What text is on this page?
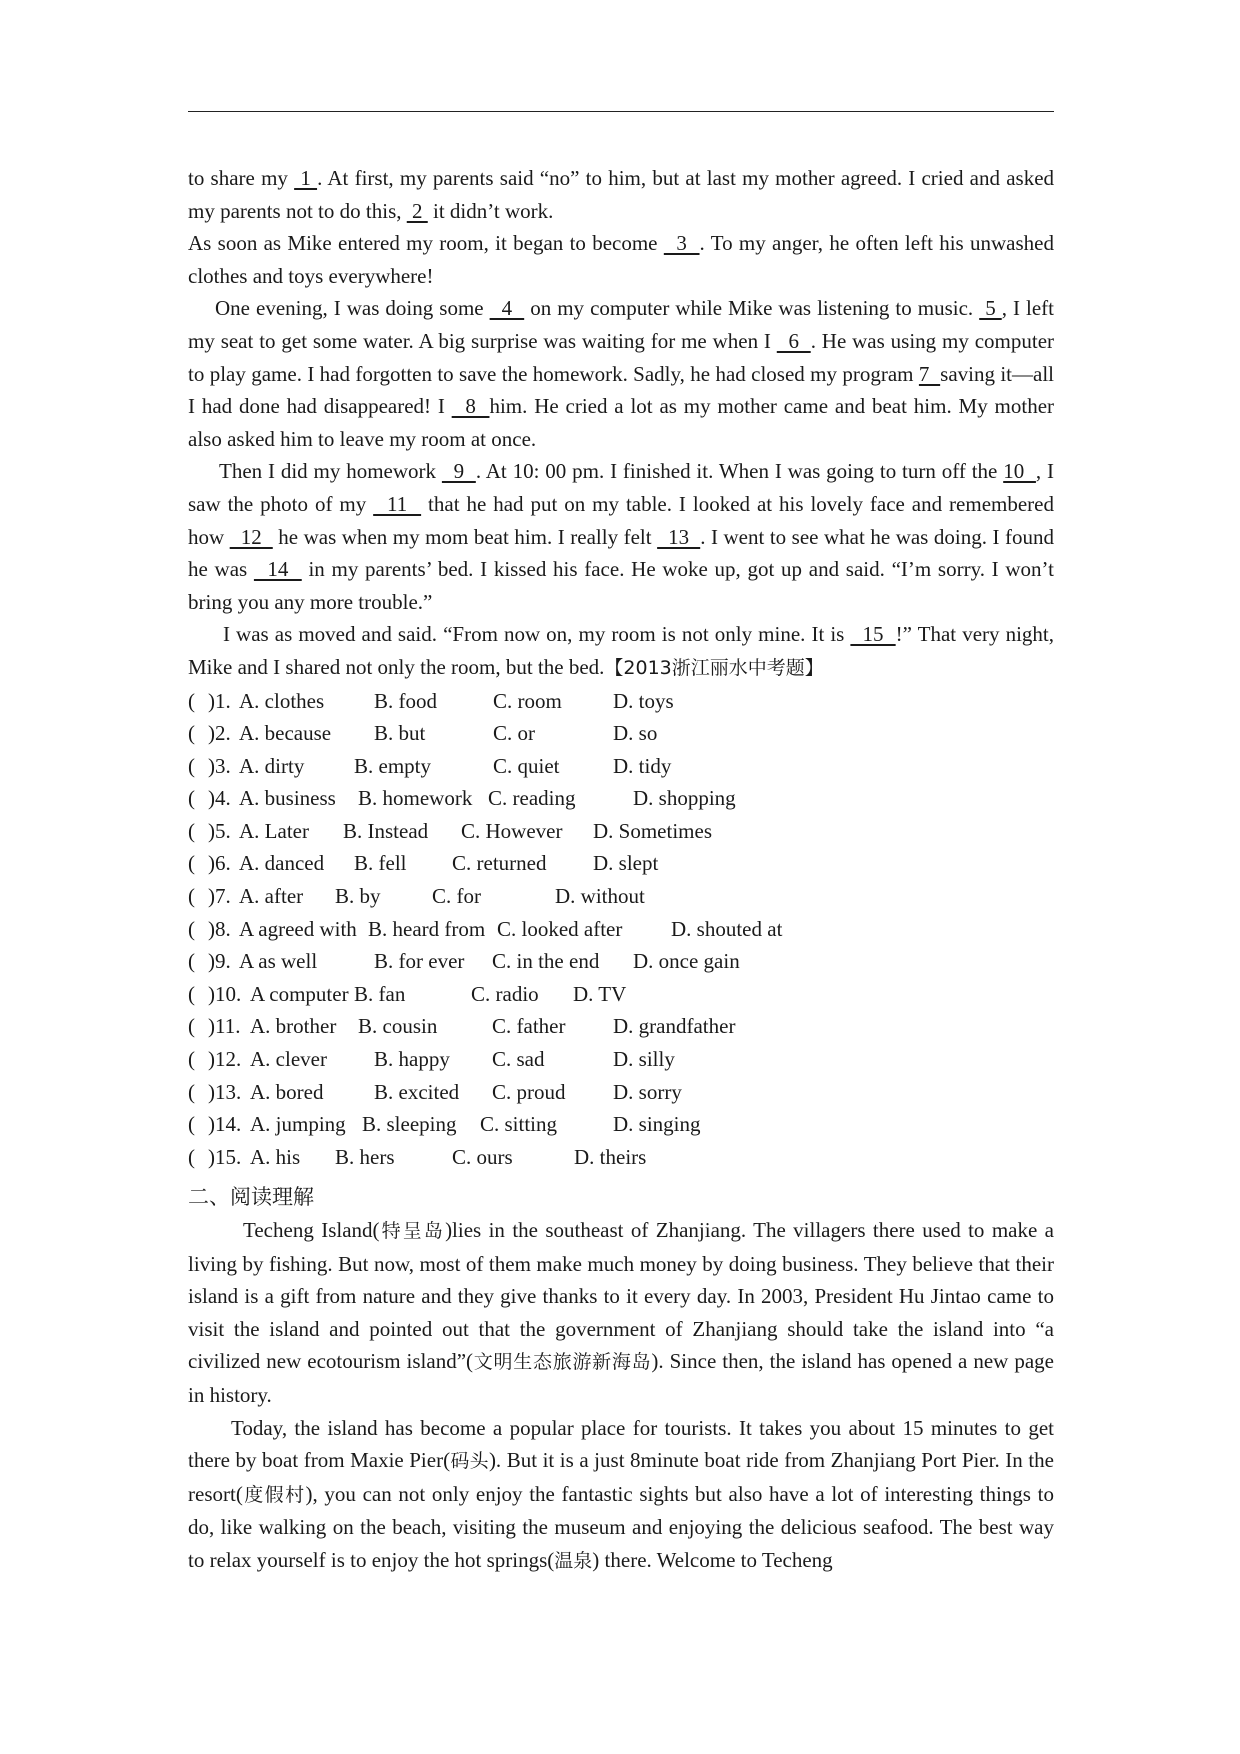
to share my  1 . At first, my parents said “no” to him, but at last my mother agreed. I cried and asked my parents not to do this,  2  it didn’t work.

As soon as Mike entered my room, it began to become   3  . To my anger, he often left his unwashed clothes and toys everywhere!

One evening, I was doing some   4   on my computer while Mike was listening to music.  5 , I left my seat to get some water. A big surprise was waiting for me when I   6  . He was using my computer to play game. I had forgotten to save the homework. Sadly, he had closed my program 7  saving it—all I had done had disappeared! I   8  him. He cried a lot as my mother came and beat him. My mother also asked him to leave my room at once.

Then I did my homework   9  . At 10: 00 pm. I finished it. When I was going to turn off the 10  , I saw the photo of my   11   that he had put on my table. I looked at his lovely face and remembered how   12   he was when my mom beat him. I really felt   13  . I went to see what he was doing. I found he was   14   in my parents’ bed. I kissed his face. He woke up, got up and said. “I’m sorry. I won’t bring you any more trouble.”

I was as moved and said. “From now on, my room is not only mine. It is   15  !” That very night, Mike and I shared not only the room, but the bed.【2013浙江丽水中考题】

( ) 1. A. clothes B. food	C. room D. toys
( ) 2. A. because B. but	C. or	D. so
( ) 3. A. dirty B. empty	C. quiet	D. tidy
( ) 4. A. business B. homework C. reading	D. shopping
( ) 5. A. Later B. Instead C. However D. Sometimes
( ) 6. A. danced B. fell C. returned D. slept
( ) 7. A. after B. by C. for	D. without
( ) 8. A agreed with B. heard from C. looked after D. shouted at
( ) 9. A as well	B. for ever C. in the end D. once gain
( ) 10. A computer B. fan	C. radio D. TV
( ) 11. A. brother B. cousin	C. father D. grandfather
( ) 12. A. clever B. happy C. sad	D. silly
( ) 13. A. bored B. excited C. proud D. sorry
( ) 14. A. jumping B. sleeping C. sitting	D. singing
( ) 15. A. his B. hers	C. ours	D. theirs
二、阅读理解

Techeng Island(特呈岛)lies in the southeast of Zhanjiang. The villagers there used to make a living by fishing. But now, most of them make much money by doing business. They believe that their island is a gift from nature and they give thanks to it every day. In 2003, President Hu Jintao came to visit the island and pointed out that the government of Zhanjiang should take the island into “a civilized new ecotourism island”(文明生态旅游新海岛). Since then, the island has opened a new page in history.

Today, the island has become a popular place for tourists. It takes you about 15 minutes to get there by boat from Maxie Pier(码头). But it is a just 8minute boat ride from Zhanjiang Port Pier. In the resort(度假村), you can not only enjoy the fantastic sights but also have a lot of interesting things to do, like walking on the beach, visiting the museum and enjoying the delicious seafood. The best way to relax yourself is to enjoy the hot springs(温泉) there. Welcome to Techeng
